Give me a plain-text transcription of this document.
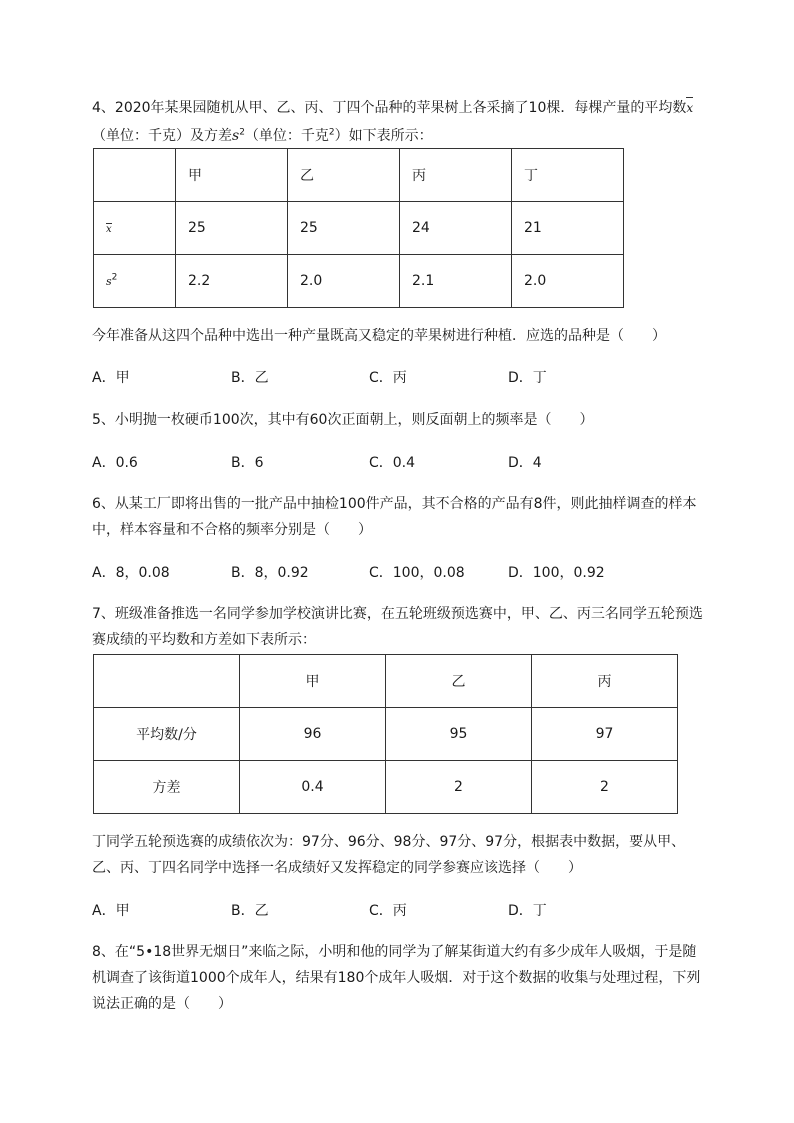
4、2020年某果园随机从甲、乙、丙、丁四个品种的苹果树上各采摘了10棵．每棵产量的平均数x
（单位：千克）及方差$s^2$（单位：千克$^2$）如下表所示：
	甲	乙	丙	丁
x	25	25	24	21
$s^2$	2.2	2.0	2.1	2.0
今年准备从这四个品种中选出一种产量既高又稳定的苹果树进行种植．应选的品种是（　　）
A．甲	B．乙	C．丙	D．丁
5、小明抛一枚硬币100次，其中有60次正面朝上，则反面朝上的频率是（　　）
A．0.6	B．6	C．0.4	D．4
6、从某工厂即将出售的一批产品中抽检100件产品，其不合格的产品有8件，则此抽样调查的样本
中，样本容量和不合格的频率分别是（　　）
A．8，0.08	B．8，0.92	C．100，0.08	D．100，0.92
7、班级准备推选一名同学参加学校演讲比赛，在五轮班级预选赛中，甲、乙、丙三名同学五轮预选
赛成绩的平均数和方差如下表所示：
	甲	乙	丙
平均数/分	96	95	97
方差	0.4	2	2
丁同学五轮预选赛的成绩依次为：97分、96分、98分、97分、97分，根据表中数据，要从甲、
乙、丙、丁四名同学中选择一名成绩好又发挥稳定的同学参赛应该选择（　　）
A．甲	B．乙	C．丙	D．丁
8、在“5•18世界无烟日”来临之际，小明和他的同学为了解某街道大约有多少成年人吸烟，于是随
机调查了该街道1000个成年人，结果有180个成年人吸烟．对于这个数据的收集与处理过程，下列
说法正确的是（　　）
